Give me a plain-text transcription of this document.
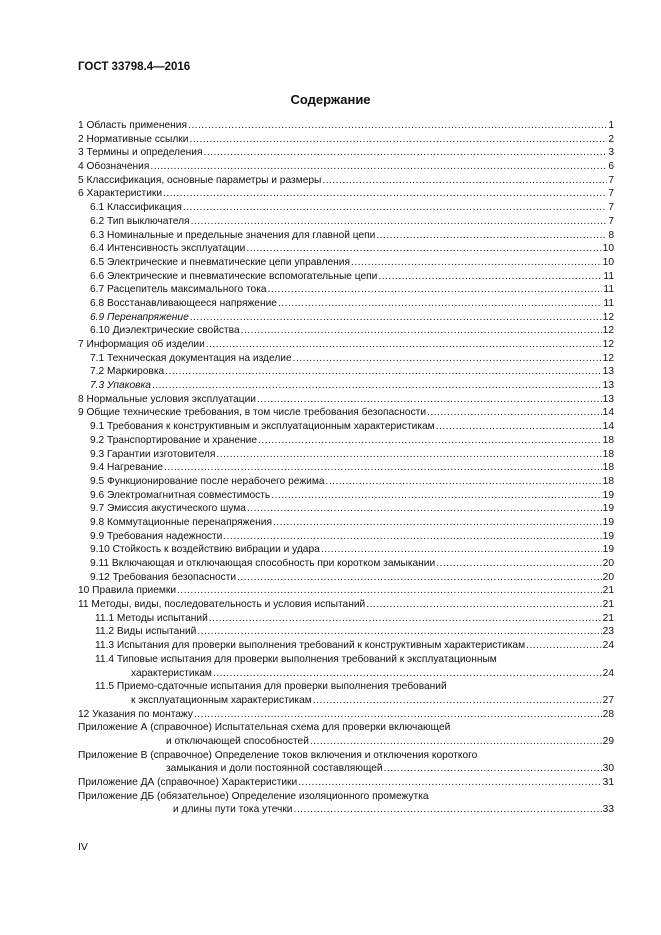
ГОСТ 33798.4—2016
Содержание
1 Область применения .....	1
2 Нормативные ссылки .....	2
3 Термины и определения .....	3
4 Обозначения .....	6
5 Классификация, основные параметры и размеры .....	7
6 Характеристики .....	7
6.1 Классификация .....	7
6.2 Тип выключателя .....	7
6.3 Номинальные и предельные значения для главной цепи .....	8
6.4 Интенсивность эксплуатации .....	10
6.5 Электрические и пневматические цепи управления .....	10
6.6 Электрические и пневматические вспомогательные цепи .....	11
6.7 Расцепитель максимального тока .....	11
6.8 Восстанавливающееся напряжение .....	11
6.9 Перенапряжение .....	12
6.10 Диэлектрические свойства .....	12
7 Информация об изделии .....	12
7.1 Техническая документация на изделие .....	12
7.2 Маркировка .....	13
7.3 Упаковка .....	13
8 Нормальные условия эксплуатации .....	13
9 Общие технические требования, в том числе требования безопасности .....	14
9.1 Требования к конструктивным и эксплуатационным характеристикам .....	14
9.2 Транспортирование и хранение .....	18
9.3 Гарантии изготовителя .....	18
9.4 Нагревание .....	18
9.5 Функционирование после нерабочего режима .....	18
9.6 Электромагнитная совместимость .....	19
9.7 Эмиссия акустического шума .....	19
9.8 Коммутационные перенапряжения .....	19
9.9 Требования надежности .....	19
9.10 Стойкость к воздействию вибрации и удара .....	19
9.11 Включающая и отключающая способность при коротком замыкании .....	20
9.12 Требования безопасности .....	20
10 Правила приемки .....	21
11 Методы, виды, последовательность и условия испытаний .....	21
11.1 Методы испытаний .....	21
11.2 Виды испытаний .....	23
11.3 Испытания для проверки выполнения требований к конструктивным характеристикам .....	24
11.4 Типовые испытания для проверки выполнения требований к эксплуатационным
характеристикам .....	24
11.5 Приемо-сдаточные испытания для проверки выполнения требований
к эксплуатационным характеристикам .....	27
12 Указания по монтажу .....	28
Приложение А (справочное) Испытательная схема для проверки включающей
и отключающей способностей .....	29
Приложение В (справочное) Определение токов включения и отключения короткого
замыкания и доли постоянной составляющей .....	30
Приложение ДА (справочное) Характеристики .....	31
Приложение ДБ (обязательное) Определение изоляционного промежутка
и длины пути тока утечки .....	33
IV
